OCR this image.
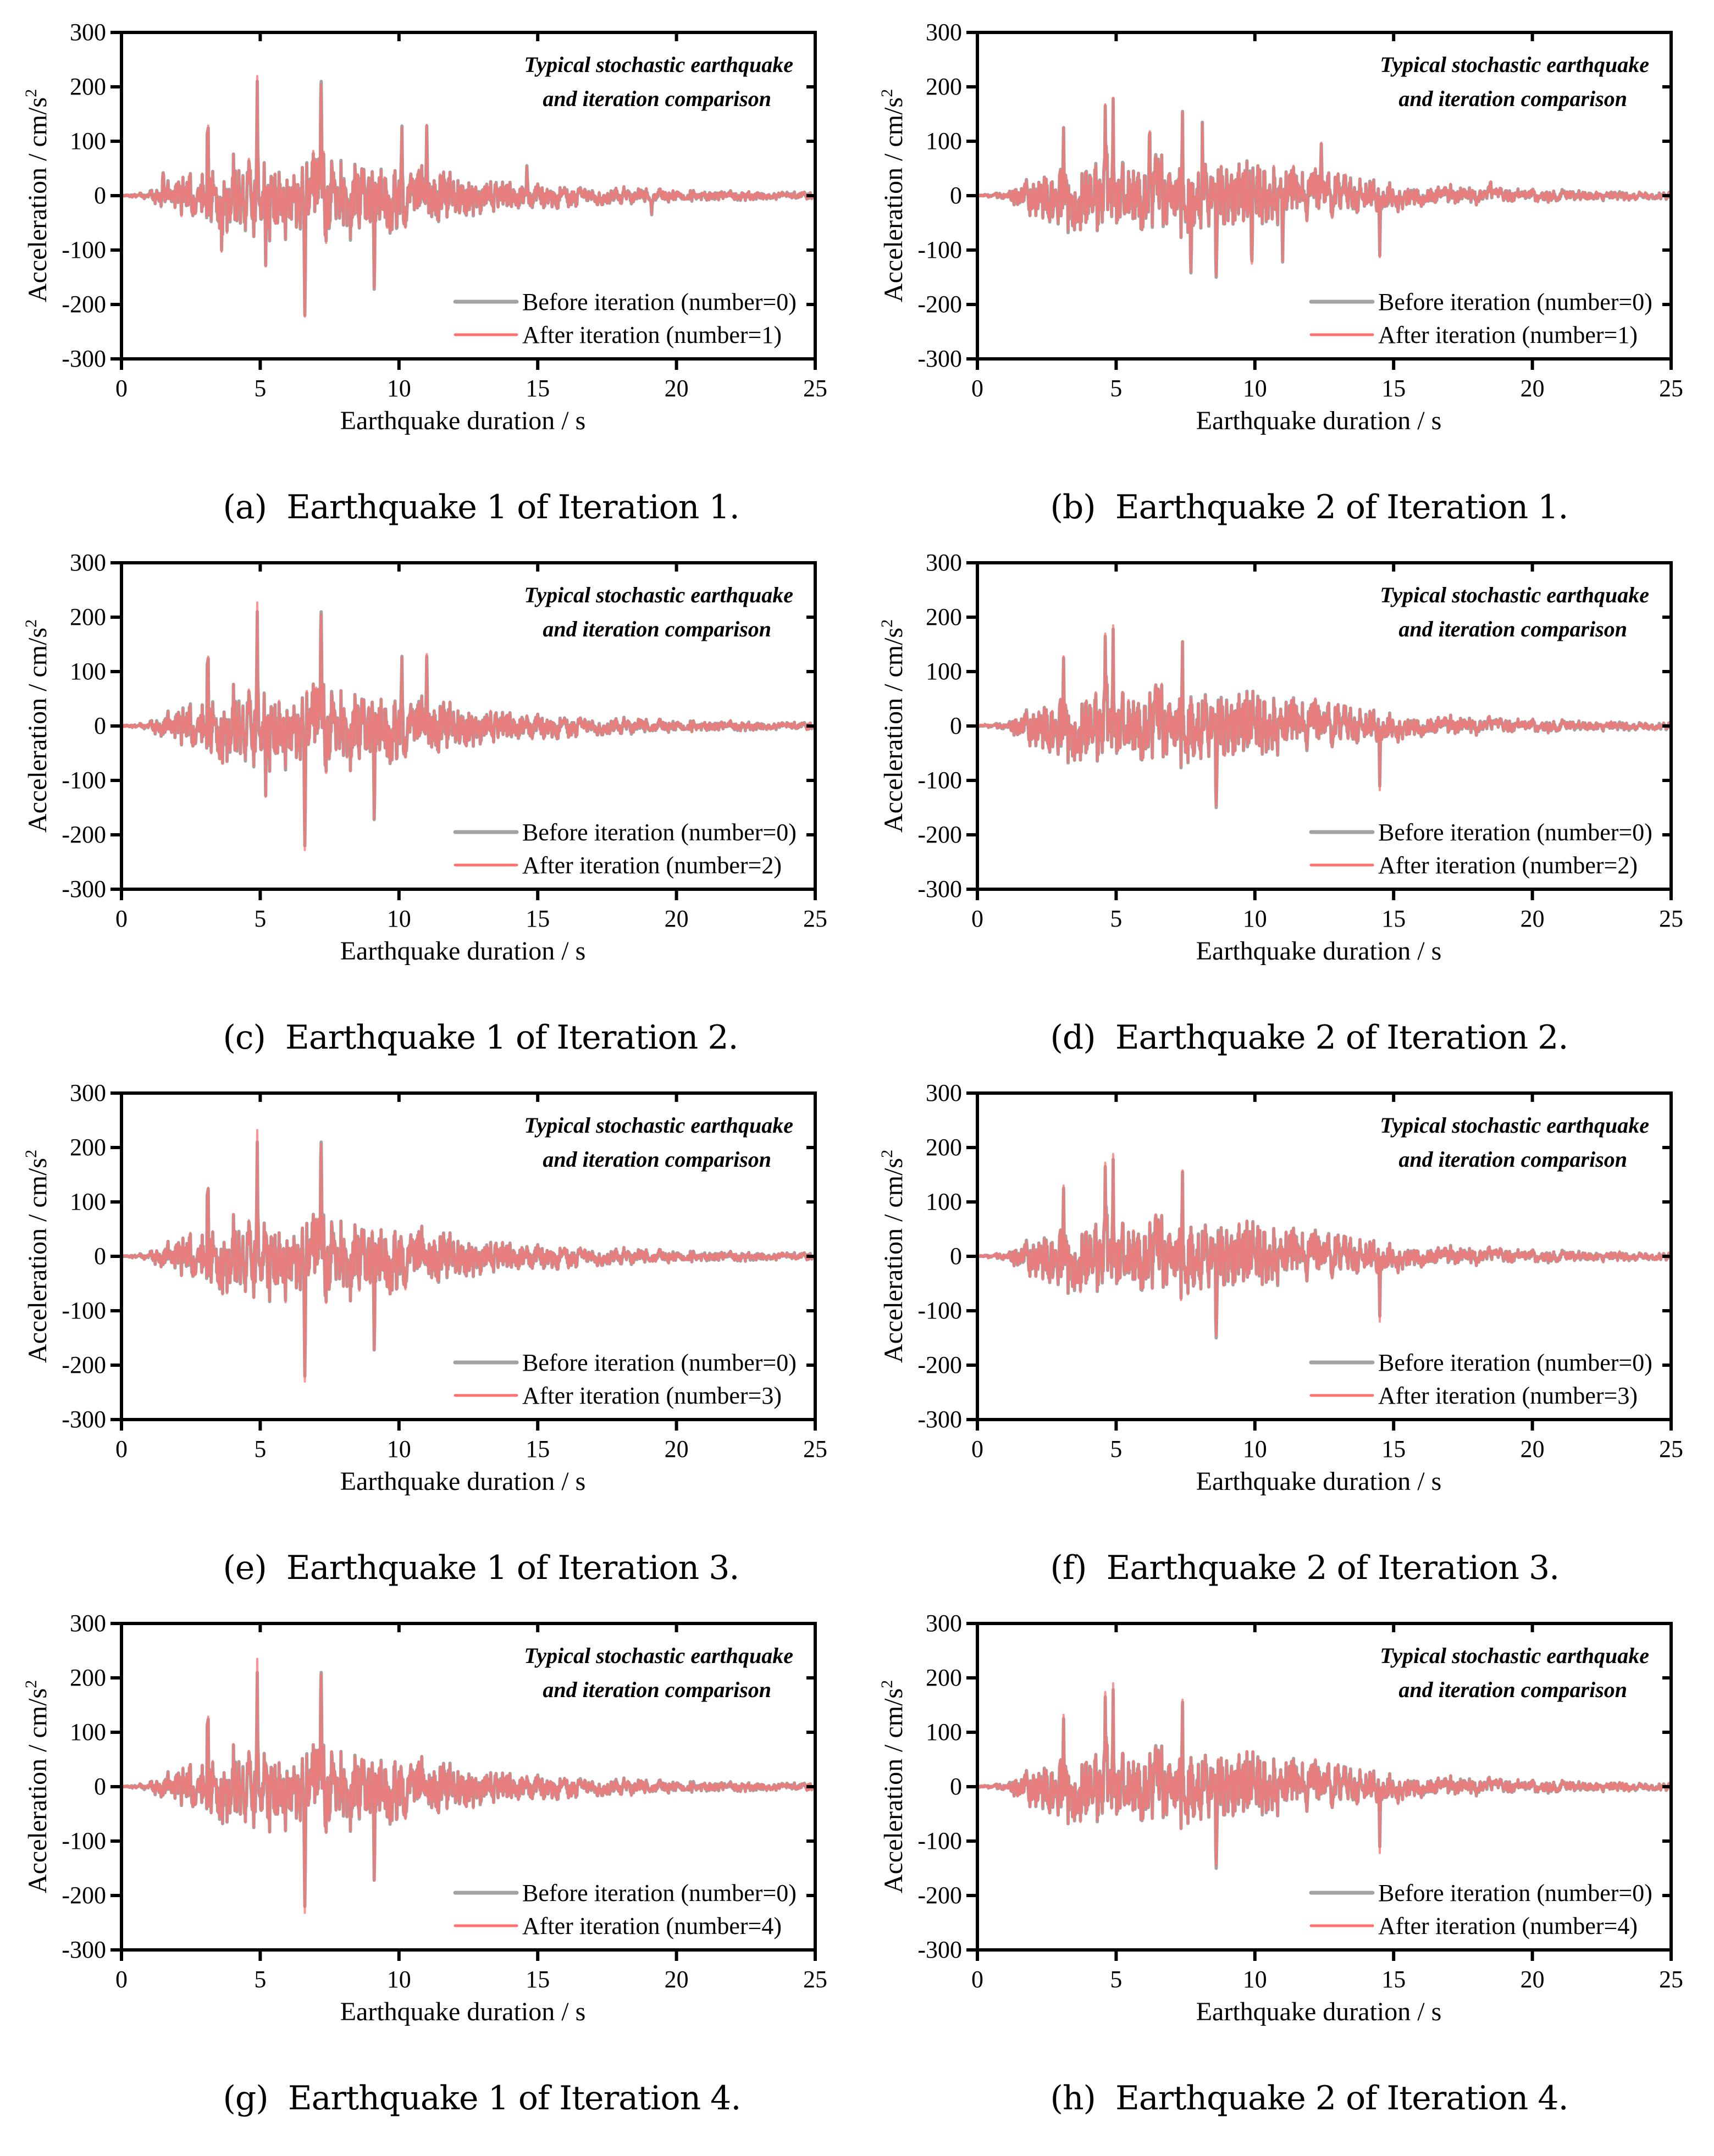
300
200
100
0
-100
-200
-300
0	5	10	15	20	25
Typical stochastic earthquake
and iteration comparison
Before iteration (number=0)
After iteration (number=1)
Earthquake duration / s
Acceleration / $cm/s^2$

(a) Earthquake 1 of Iteration 1.

300
200
100
0
-100
-200
-300
0	5	10	15	20	25
Typical stochastic earthquake
and iteration comparison
Before iteration (number=0)
After iteration (number=1)
Earthquake duration / s
Acceleration / $cm/s^2$

(b) Earthquake 2 of Iteration 1.

300
200
100
0
-100
-200
-300
0	5	10	15	20	25
Typical stochastic earthquake
and iteration comparison
Before iteration (number=0)
After iteration (number=2)
Earthquake duration / s
Acceleration / $cm/s^2$

(c) Earthquake 1 of Iteration 2.

300
200
100
0
-100
-200
-300
0	5	10	15	20	25
Typical stochastic earthquake
and iteration comparison
Before iteration (number=0)
After iteration (number=2)
Earthquake duration / s
Acceleration / $cm/s^2$

(d) Earthquake 2 of Iteration 2.

300
200
100
0
-100
-200
-300
0	5	10	15	20	25
Typical stochastic earthquake
and iteration comparison
Before iteration (number=0)
After iteration (number=3)
Earthquake duration / s
Acceleration / $cm/s^2$

(e) Earthquake 1 of Iteration 3.

300
200
100
0
-100
-200
-300
0	5	10	15	20	25
Typical stochastic earthquake
and iteration comparison
Before iteration (number=0)
After iteration (number=3)
Earthquake duration / s
Acceleration / $cm/s^2$

(f) Earthquake 2 of Iteration 3.

300
200
100
0
-100
-200
-300
0	5	10	15	20	25
Typical stochastic earthquake
and iteration comparison
Before iteration (number=0)
After iteration (number=4)
Earthquake duration / s
Acceleration / $cm/s^2$

(g) Earthquake 1 of Iteration 4.

300
200
100
0
-100
-200
-300
0	5	10	15	20	25
Typical stochastic earthquake
and iteration comparison
Before iteration (number=0)
After iteration (number=4)
Earthquake duration / s
Acceleration / $cm/s^2$

(h) Earthquake 2 of Iteration 4.
